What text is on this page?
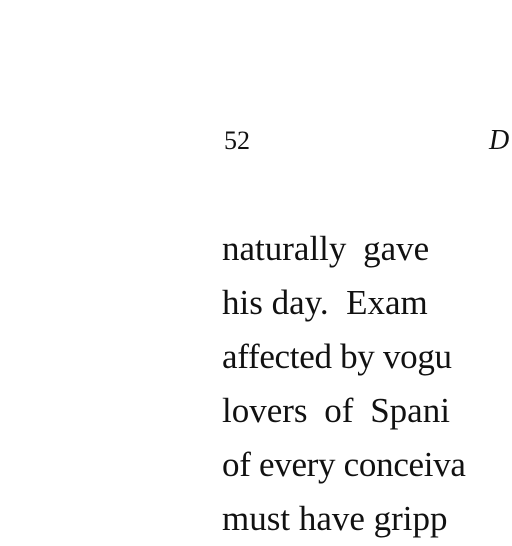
52	D
naturally gave
his day.  Exam
affected by vogu
lovers of Spani
of every conceiva
must have gripp
